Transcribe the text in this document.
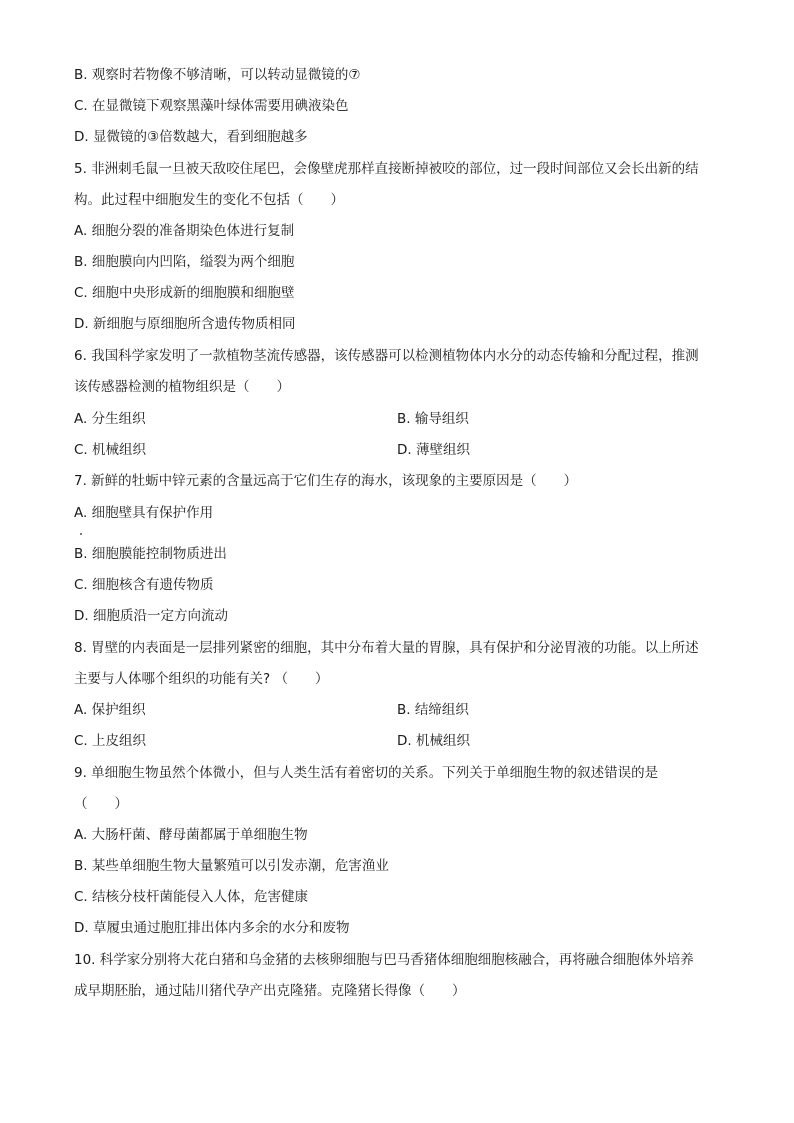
B. 观察时若物像不够清晰，可以转动显微镜的⑦
C. 在显微镜下观察黑藻叶绿体需要用碘液染色
D. 显微镜的③倍数越大，看到细胞越多
5. 非洲刺毛鼠一旦被天敌咬住尾巴，会像壁虎那样直接断掉被咬的部位，过一段时间部位又会长出新的结
构。此过程中细胞发生的变化不包括（　　）
A. 细胞分裂的准备期染色体进行复制
B. 细胞膜向内凹陷，缢裂为两个细胞
C. 细胞中央形成新的细胞膜和细胞壁
D. 新细胞与原细胞所含遗传物质相同
6. 我国科学家发明了一款植物茎流传感器，该传感器可以检测植物体内水分的动态传输和分配过程，推测
该传感器检测的植物组织是（　　）
A. 分生组织	B. 输导组织
C. 机械组织	D. 薄壁组织
7. 新鲜的牡蛎中锌元素的含量远高于它们生存的海水，该现象的主要原因是（　　）
A. 细胞壁具有保护作用
B. 细胞膜能控制物质进出
C. 细胞核含有遗传物质
D. 细胞质沿一定方向流动
8. 胃壁的内表面是一层排列紧密的细胞，其中分布着大量的胃腺，具有保护和分泌胃液的功能。以上所述
主要与人体哪个组织的功能有关? （　　）
A. 保护组织	B. 结缔组织
C. 上皮组织	D. 机械组织
9. 单细胞生物虽然个体微小，但与人类生活有着密切的关系。下列关于单细胞生物的叙述错误的是
（　　）
A. 大肠杆菌、酵母菌都属于单细胞生物
B. 某些单细胞生物大量繁殖可以引发赤潮，危害渔业
C. 结核分枝杆菌能侵入人体，危害健康
D. 草履虫通过胞肛排出体内多余的水分和废物
10. 科学家分别将大花白猪和乌金猪的去核卵细胞与巴马香猪体细胞细胞核融合，再将融合细胞体外培养
成早期胚胎，通过陆川猪代孕产出克隆猪。克隆猪长得像（　　）
